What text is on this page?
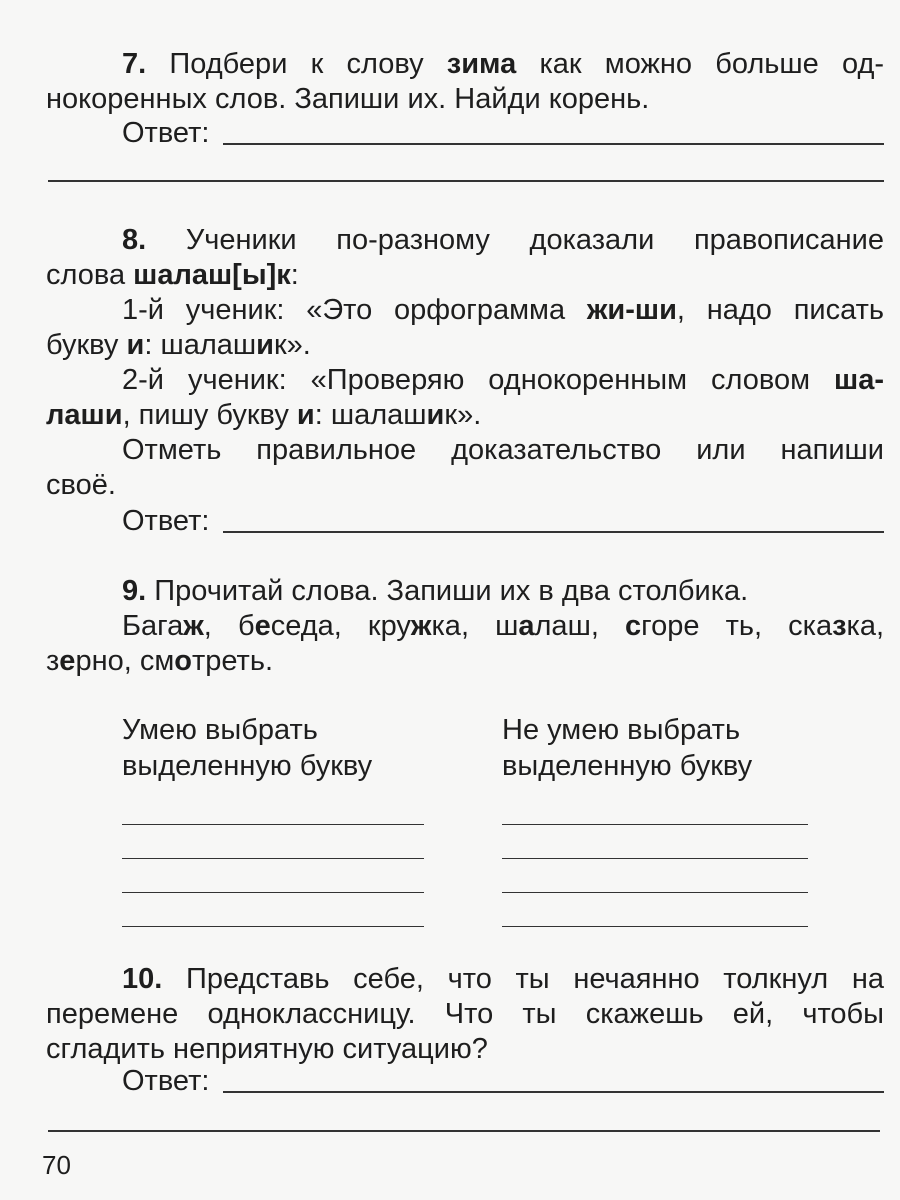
7. Подбери к слову зима как можно больше од-
нокоренных слов. Запиши их. Найди корень.
Ответ:
8. Ученики по-разному доказали правописание
слова шалаш[ы]к:
1-й ученик: «Это орфограмма жи-ши, надо писать
букву и: шалашик».
2-й ученик: «Проверяю однокоренным словом ша-
лаши, пишу букву и: шалашик».
Отметь правильное доказательство или напиши
своё.
Ответ:
9. Прочитай слова. Запиши их в два столбика.
Багаж, беседа, кружка, шалаш, сгоре ть, сказка,
зерно, смотреть.
Умею выбрать
выделенную букву
Не умею выбрать
выделенную букву
10. Представь себе, что ты нечаянно толкнул на
перемене одноклассницу. Что ты скажешь ей, чтобы
сгладить неприятную ситуацию?
Ответ:
70
